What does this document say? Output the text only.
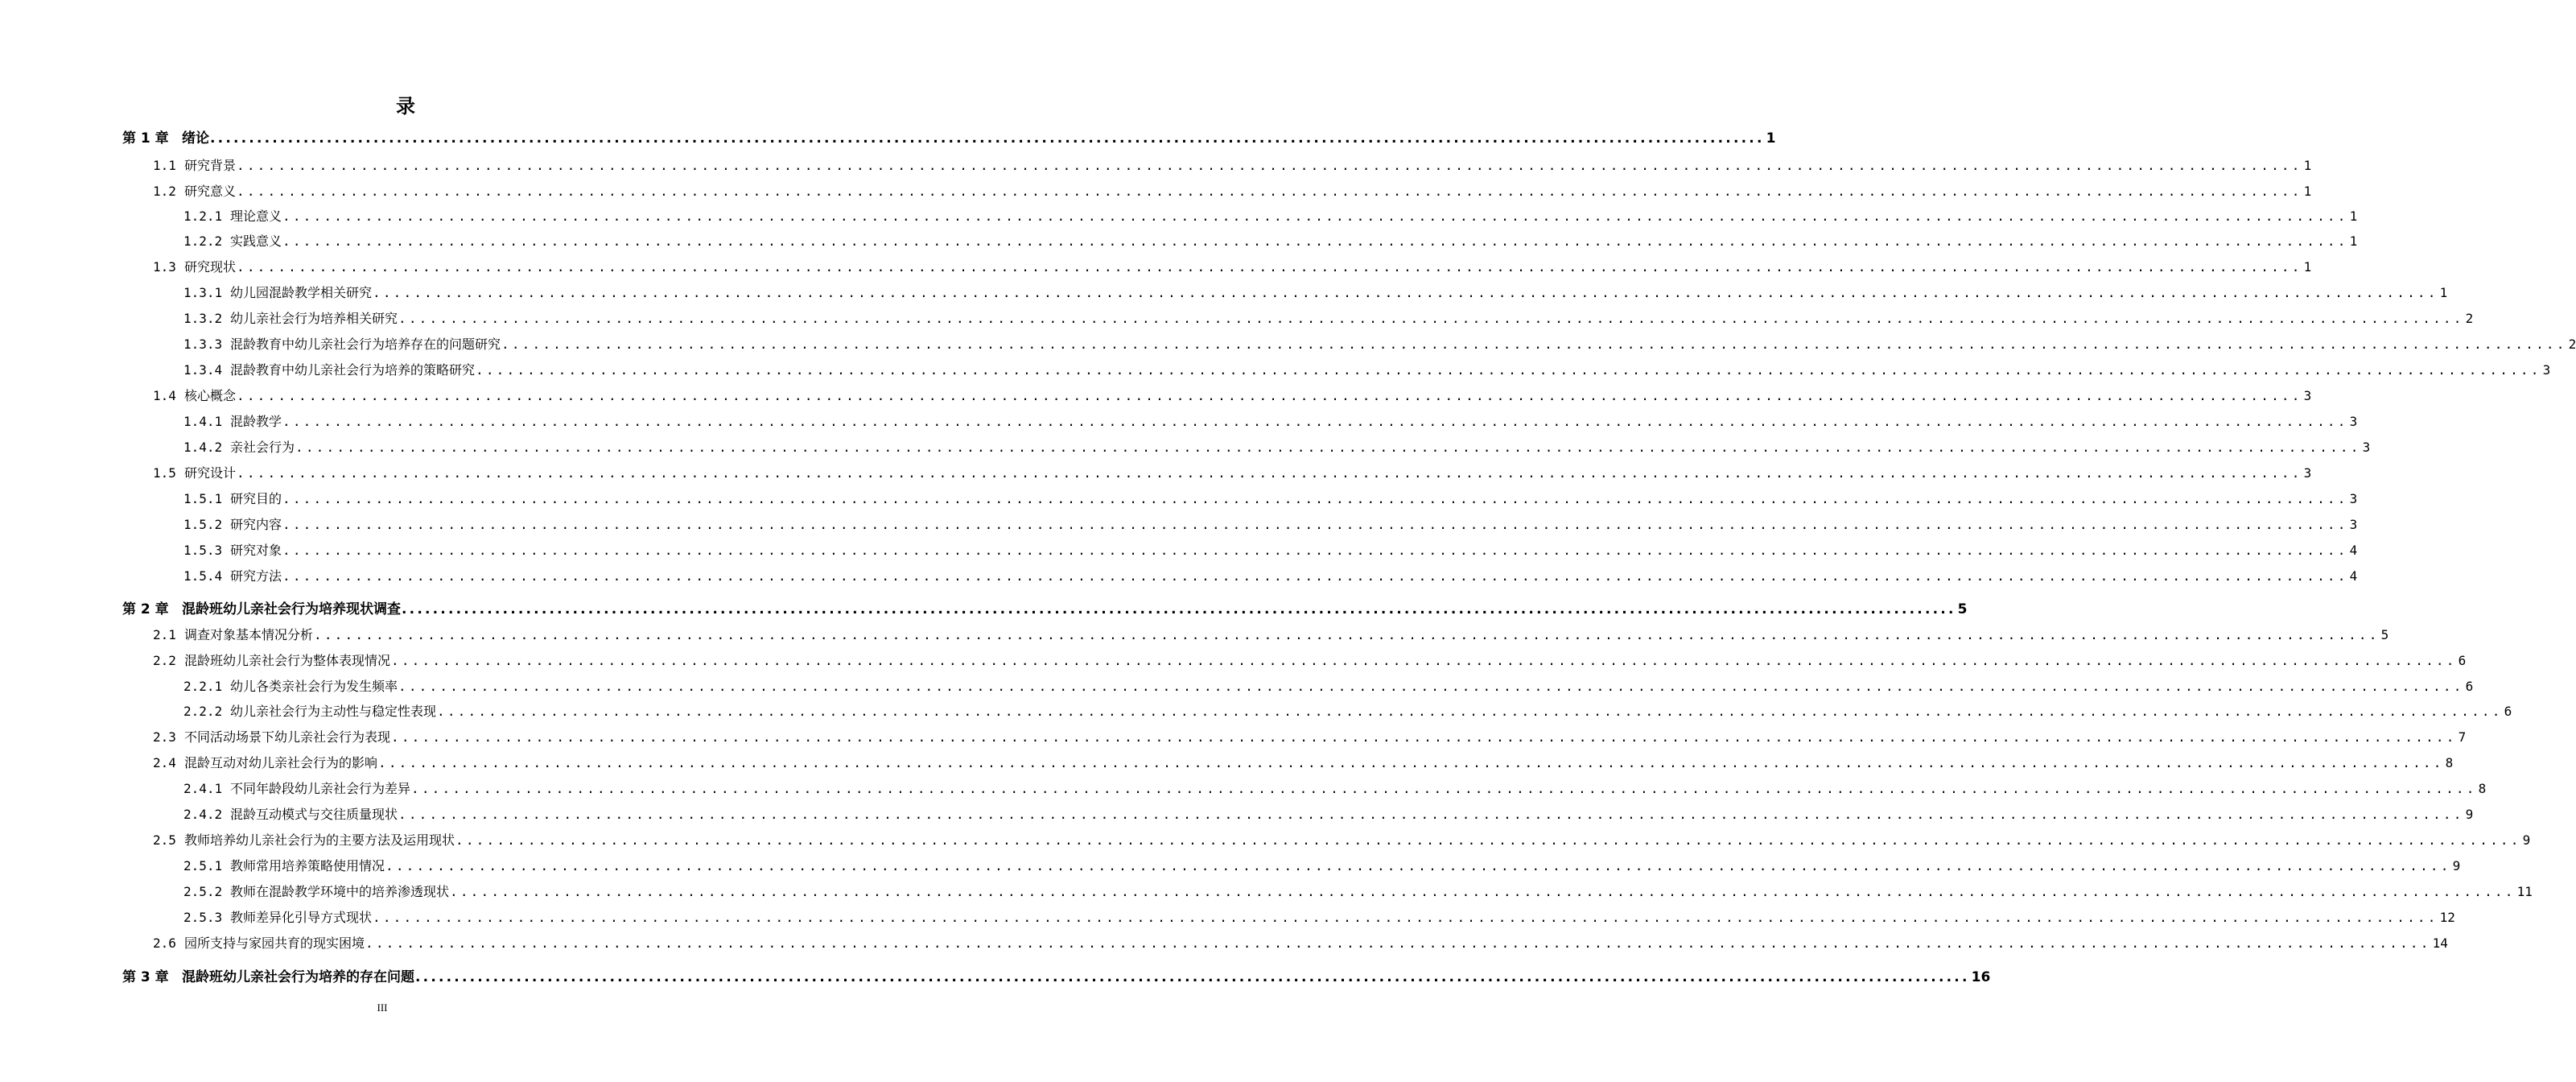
录
第 1 章 绪论 ........................................................................................................................................................................................................ 1
1.1 研究背景 ........................................................................................................................................................................................................ 1
1.2 研究意义 ........................................................................................................................................................................................................ 1
1.2.1 理论意义 ........................................................................................................................................................................................................ 1
1.2.2 实践意义 ........................................................................................................................................................................................................ 1
1.3 研究现状 ........................................................................................................................................................................................................ 1
1.3.1 幼儿园混龄教学相关研究 ........................................................................................................................................................................................................ 1
1.3.2 幼儿亲社会行为培养相关研究 ........................................................................................................................................................................................................ 2
1.3.3 混龄教育中幼儿亲社会行为培养存在的问题研究 ........................................................................................................................................................................................................ 2
1.3.4 混龄教育中幼儿亲社会行为培养的策略研究 ........................................................................................................................................................................................................ 3
1.4 核心概念 ........................................................................................................................................................................................................ 3
1.4.1 混龄教学 ........................................................................................................................................................................................................ 3
1.4.2 亲社会行为 ........................................................................................................................................................................................................ 3
1.5 研究设计 ........................................................................................................................................................................................................ 3
1.5.1 研究目的 ........................................................................................................................................................................................................ 3
1.5.2 研究内容 ........................................................................................................................................................................................................ 3
1.5.3 研究对象 ........................................................................................................................................................................................................ 4
1.5.4 研究方法 ........................................................................................................................................................................................................ 4
第 2 章 混龄班幼儿亲社会行为培养现状调查 ........................................................................................................................................................................................................ 5
2.1 调查对象基本情况分析 ........................................................................................................................................................................................................ 5
2.2 混龄班幼儿亲社会行为整体表现情况 ........................................................................................................................................................................................................ 6
2.2.1 幼儿各类亲社会行为发生频率 ........................................................................................................................................................................................................ 6
2.2.2 幼儿亲社会行为主动性与稳定性表现 ........................................................................................................................................................................................................ 6
2.3 不同活动场景下幼儿亲社会行为表现 ........................................................................................................................................................................................................ 7
2.4 混龄互动对幼儿亲社会行为的影响 ........................................................................................................................................................................................................ 8
2.4.1 不同年龄段幼儿亲社会行为差异 ........................................................................................................................................................................................................ 8
2.4.2 混龄互动模式与交往质量现状 ........................................................................................................................................................................................................ 9
2.5 教师培养幼儿亲社会行为的主要方法及运用现状 ........................................................................................................................................................................................................ 9
2.5.1 教师常用培养策略使用情况 ........................................................................................................................................................................................................ 9
2.5.2 教师在混龄教学环境中的培养渗透现状 ........................................................................................................................................................................................................ 11
2.5.3 教师差异化引导方式现状 ........................................................................................................................................................................................................ 12
2.6 园所支持与家园共育的现实困境 ........................................................................................................................................................................................................ 14
第 3 章 混龄班幼儿亲社会行为培养的存在问题 ........................................................................................................................................................................................................ 16
III
